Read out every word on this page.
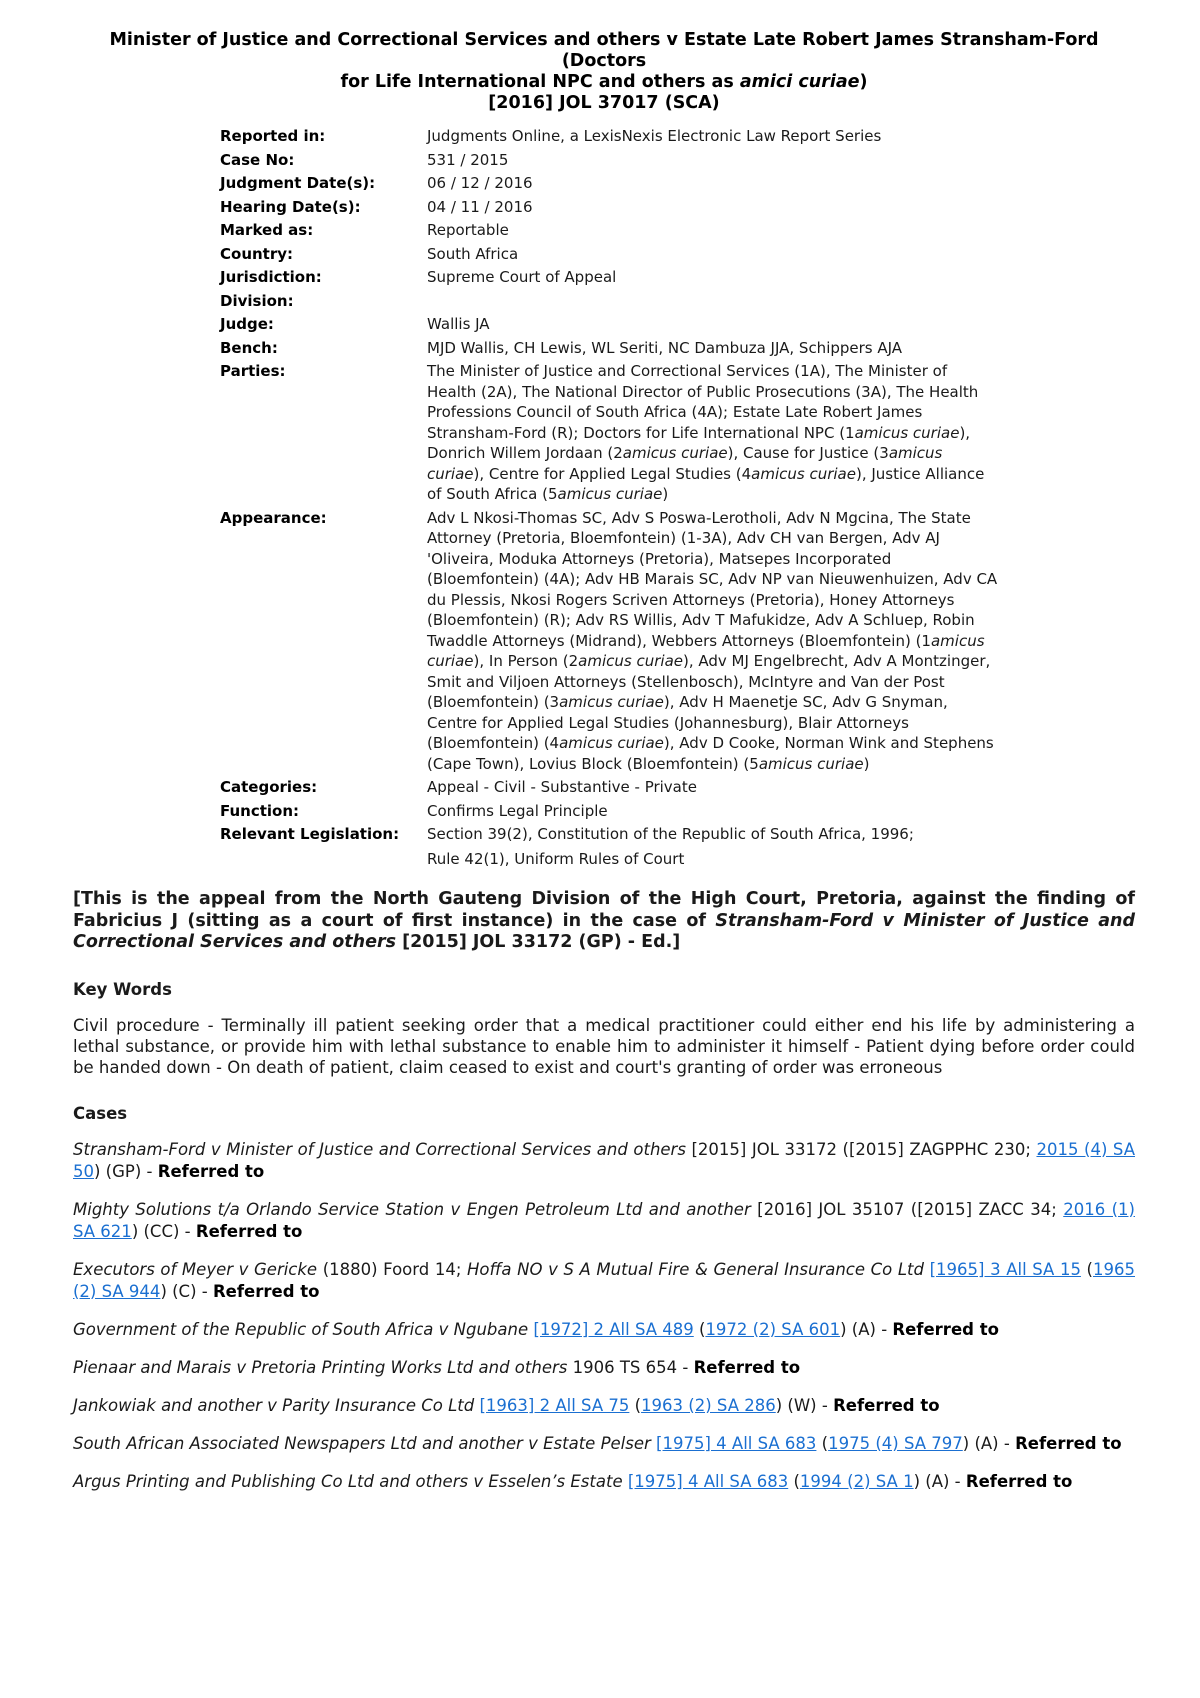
Minister of Justice and Correctional Services and others v Estate Late Robert James Stransham-Ford (Doctors
for Life International NPC and others as amici curiae)
[2016] JOL 37017 (SCA)
Reported in:	Judgments Online, a LexisNexis Electronic Law Report Series
Case No:	531 / 2015
Judgment Date(s):	06 / 12 / 2016
Hearing Date(s):	04 / 11 / 2016
Marked as:	Reportable
Country:	South Africa
Jurisdiction:	Supreme Court of Appeal
Division:
Judge:	Wallis JA
Bench:	MJD Wallis, CH Lewis, WL Seriti, NC Dambuza JJA, Schippers AJA
Parties:	The Minister of Justice and Correctional Services (1A), The Minister of Health (2A), The National Director of Public Prosecutions (3A), The Health Professions Council of South Africa (4A); Estate Late Robert James Stransham-Ford (R); Doctors for Life International NPC (1amicus curiae), Donrich Willem Jordaan (2amicus curiae), Cause for Justice (3amicus curiae), Centre for Applied Legal Studies (4amicus curiae), Justice Alliance of South Africa (5amicus curiae)
Appearance:	Adv L Nkosi-Thomas SC, Adv S Poswa-Lerotholi, Adv N Mgcina, The State Attorney (Pretoria, Bloemfontein) (1-3A), Adv CH van Bergen, Adv AJ 'Oliveira, Moduka Attorneys (Pretoria), Matsepes Incorporated (Bloemfontein) (4A); Adv HB Marais SC, Adv NP van Nieuwenhuizen, Adv CA du Plessis, Nkosi Rogers Scriven Attorneys (Pretoria), Honey Attorneys (Bloemfontein) (R); Adv RS Willis, Adv T Mafukidze, Adv A Schluep, Robin Twaddle Attorneys (Midrand), Webbers Attorneys (Bloemfontein) (1amicus curiae), In Person (2amicus curiae), Adv MJ Engelbrecht, Adv A Montzinger, Smit and Viljoen Attorneys (Stellenbosch), McIntyre and Van der Post (Bloemfontein) (3amicus curiae), Adv H Maenetje SC, Adv G Snyman, Centre for Applied Legal Studies (Johannesburg), Blair Attorneys (Bloemfontein) (4amicus curiae), Adv D Cooke, Norman Wink and Stephens (Cape Town), Lovius Block (Bloemfontein) (5amicus curiae)
Categories:	Appeal - Civil - Substantive - Private
Function:	Confirms Legal Principle
Relevant Legislation:	Section 39(2), Constitution of the Republic of South Africa, 1996;
Rule 42(1), Uniform Rules of Court

[This is the appeal from the North Gauteng Division of the High Court, Pretoria, against the finding of Fabricius J (sitting as a court of first instance) in the case of Stransham-Ford v Minister of Justice and Correctional Services and others [2015] JOL 33172 (GP) - Ed.]

Key Words

Civil procedure - Terminally ill patient seeking order that a medical practitioner could either end his life by administering a lethal substance, or provide him with lethal substance to enable him to administer it himself - Patient dying before order could be handed down - On death of patient, claim ceased to exist and court's granting of order was erroneous

Cases

Stransham-Ford v Minister of Justice and Correctional Services and others [2015] JOL 33172 ([2015] ZAGPPHC 230; 2015 (4) SA 50) (GP) - Referred to

Mighty Solutions t/a Orlando Service Station v Engen Petroleum Ltd and another [2016] JOL 35107 ([2015] ZACC 34; 2016 (1) SA 621) (CC) - Referred to

Executors of Meyer v Gericke (1880) Foord 14; Hoffa NO v S A Mutual Fire & General Insurance Co Ltd [1965] 3 All SA 15 (1965 (2) SA 944) (C) - Referred to

Government of the Republic of South Africa v Ngubane [1972] 2 All SA 489 (1972 (2) SA 601) (A) - Referred to

Pienaar and Marais v Pretoria Printing Works Ltd and others 1906 TS 654 - Referred to

Jankowiak and another v Parity Insurance Co Ltd [1963] 2 All SA 75 (1963 (2) SA 286) (W) - Referred to

South African Associated Newspapers Ltd and another v Estate Pelser [1975] 4 All SA 683 (1975 (4) SA 797) (A) - Referred to

Argus Printing and Publishing Co Ltd and others v Esselen’s Estate [1975] 4 All SA 683 (1994 (2) SA 1) (A) - Referred to
